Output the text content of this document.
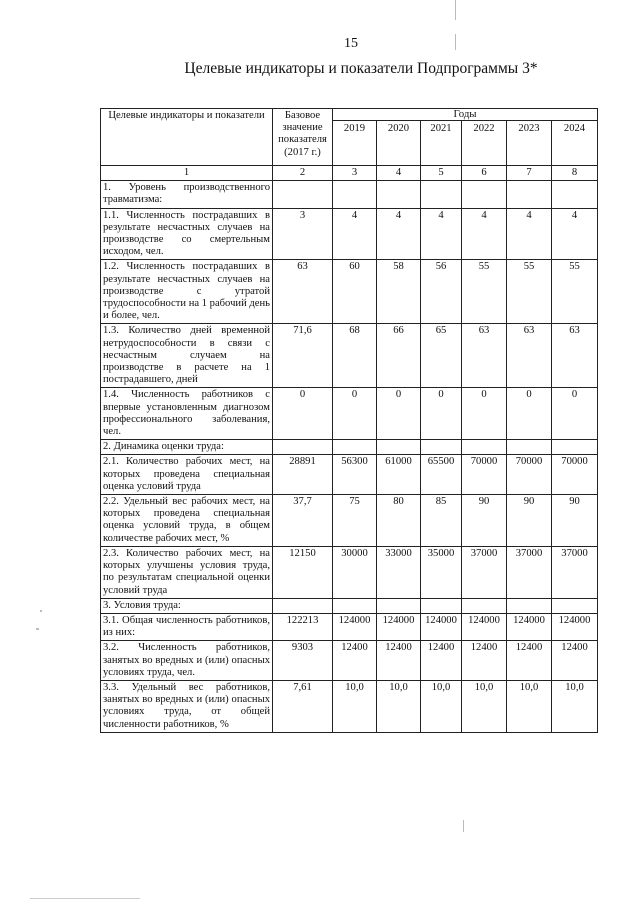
15
Целевые индикаторы и показатели Подпрограммы 3*
Целевые индикаторы и показатели	Базовое значение показателя (2017 г.)	Годы					
		2019	2020	2021	2022	2023	2024
1	2	3	4	5	6	7	8
1. Уровень производственного травматизма:							
1.1. Численность пострадавших в результате несчастных случаев на производстве со смертельным исходом, чел.	3	4	4	4	4	4	4
1.2. Численность пострадавших в результате несчастных случаев на производстве с утратой трудоспособности на 1 рабочий день и более, чел.	63	60	58	56	55	55	55
1.3. Количество дней временной нетрудоспособности в связи с несчастным случаем на производстве в расчете на 1 пострадавшего, дней	71,6	68	66	65	63	63	63
1.4. Численность работников с впервые установленным диагнозом профессионального заболевания, чел.	0	0	0	0	0	0	0
2. Динамика оценки труда:							
2.1. Количество рабочих мест, на которых проведена специальная оценка условий труда	28891	56300	61000	65500	70000	70000	70000
2.2. Удельный вес рабочих мест, на которых проведена специальная оценка условий труда, в общем количестве рабочих мест, %	37,7	75	80	85	90	90	90
2.3. Количество рабочих мест, на которых улучшены условия труда, по результатам специальной оценки условий труда	12150	30000	33000	35000	37000	37000	37000
3. Условия труда:							
3.1. Общая численность работников, из них:	122213	124000	124000	124000	124000	124000	124000
3.2. Численность работников, занятых во вредных и (или) опасных условиях труда, чел.	9303	12400	12400	12400	12400	12400	12400
3.3. Удельный вес работников, занятых во вредных и (или) опасных условиях труда, от общей численности работников, %	7,61	10,0	10,0	10,0	10,0	10,0	10,0
